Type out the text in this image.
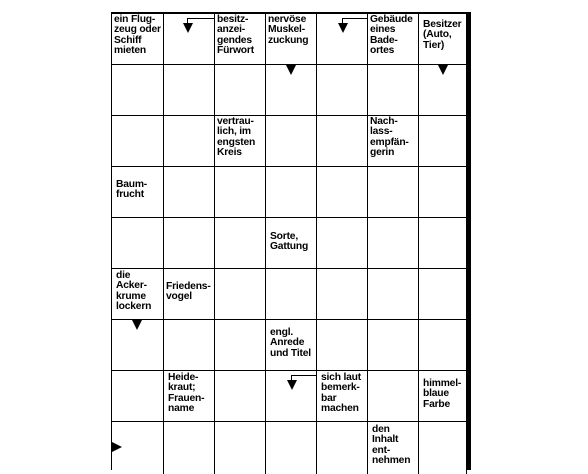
ein Flug-
zeug oder
Schiff
mieten
besitz-
anzei-
gendes
Fürwort
nervöse
Muskel-
zuckung
Gebäude
eines
Bade-
ortes
Besitzer
(Auto,
Tier)
vertrau-
lich, im
engsten
Kreis
Nach-
lass-
empfän-
gerin
Baum-
frucht
Sorte,
Gattung
die
Acker-
krume
lockern
Friedens-
vogel
engl.
Anrede
und Titel
Heide-
kraut;
Frauen-
name
sich laut
bemerk-
bar
machen
himmel-
blaue
Farbe
den
Inhalt
ent-
nehmen
